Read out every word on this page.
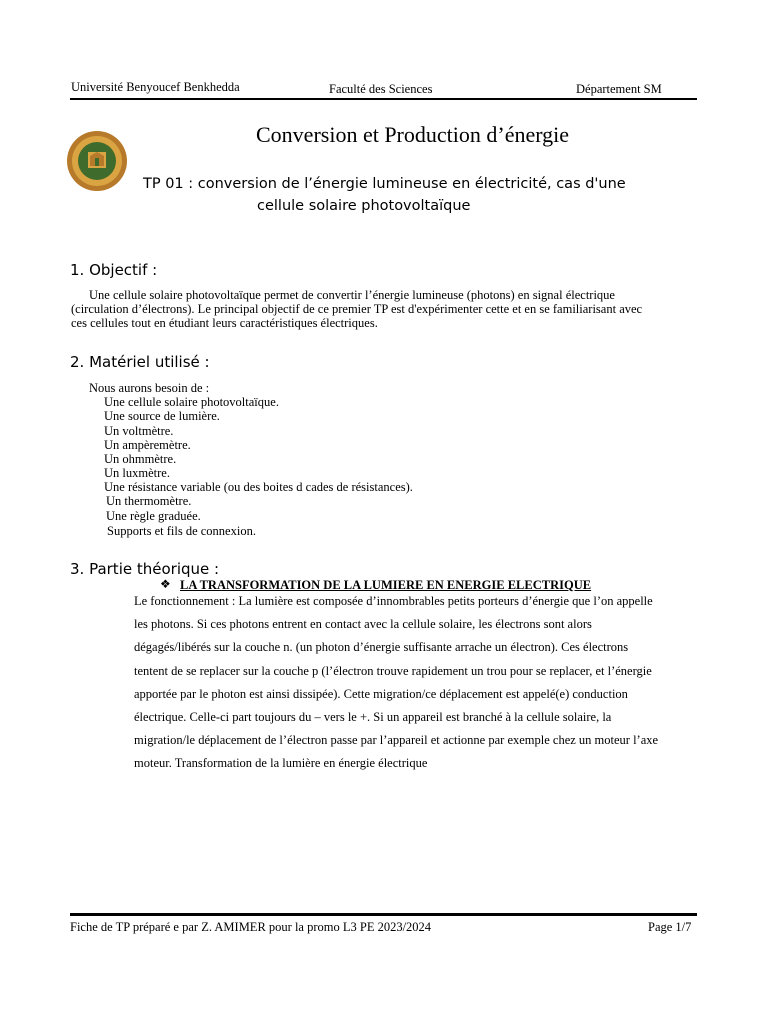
Université Benyoucef Benkhedda	Faculté des Sciences	Département SM
Conversion et Production d’énergie
TP 01 : conversion de l’énergie lumineuse en électricité, cas d'une
cellule solaire photovoltaïque
1. Objectif :
Une cellule solaire photovoltaïque permet de convertir l’énergie lumineuse (photons) en signal électrique
(circulation d’électrons). Le principal objectif de ce premier TP est d'expérimenter cette et en se familiarisant avec
ces cellules tout en étudiant leurs caractéristiques électriques.
2. Matériel utilisé :
Nous aurons besoin de :
Une cellule solaire photovoltaïque.
Une source de lumière.
Un voltmètre.
Un ampèremètre.
Un ohmmètre.
Un luxmètre.
Une résistance variable (ou des boites d cades de résistances).
Un thermomètre.
Une règle graduée.
Supports et fils de connexion.
3. Partie théorique :
❖ LA TRANSFORMATION DE LA LUMIERE EN ENERGIE ELECTRIQUE

Le fonctionnement : La lumière est composée d’innombrables petits porteurs d’énergie que l’on appelle

les photons. Si ces photons entrent en contact avec la cellule solaire, les électrons sont alors

dégagés/libérés sur la couche n. (un photon d’énergie suffisante arrache un électron). Ces électrons

tentent de se replacer sur la couche p (l’électron trouve rapidement un trou pour se replacer, et l’énergie

apportée par le photon est ainsi dissipée). Cette migration/ce déplacement est appelé(e) conduction

électrique. Celle-ci part toujours du – vers le +. Si un appareil est branché à la cellule solaire, la

migration/le déplacement de l’électron passe par l’appareil et actionne par exemple chez un moteur l’axe

moteur. Transformation de la lumière en énergie électrique

Fiche de TP préparé e par Z. AMIMER pour la promo L3 PE 2023/2024	Page 1/7
